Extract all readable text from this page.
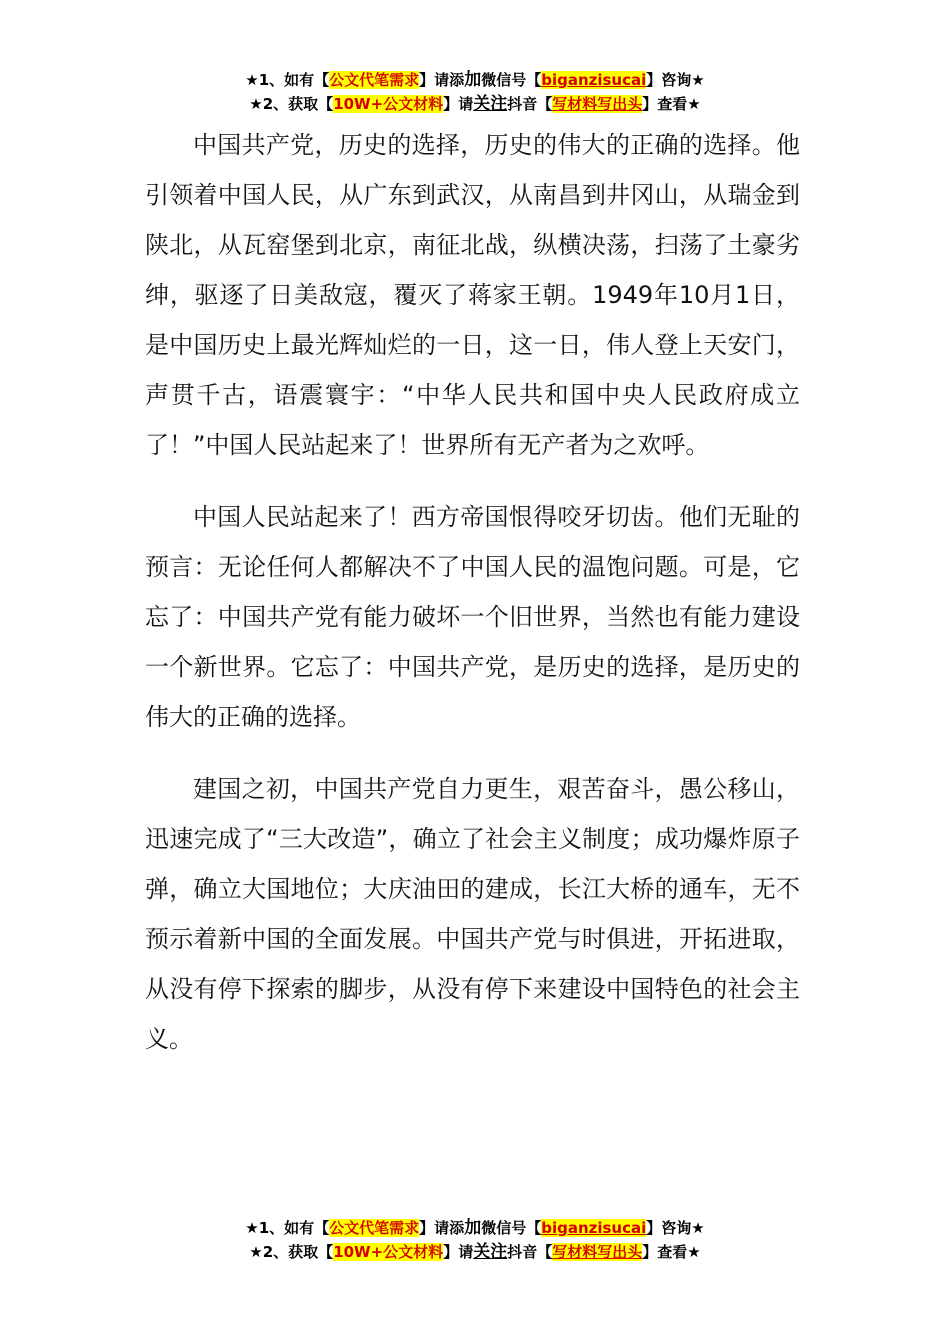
★1、如有【公文代笔需求】请添加微信号【biganzisucai】咨询★
★2、获取【10W+公文材料】请关注抖音【写材料写出头】查看★

中国共产党，历史的选择，历史的伟大的正确的选择。他引领着中国人民，从广东到武汉，从南昌到井冈山，从瑞金到陕北，从瓦窑堡到北京，南征北战，纵横决荡，扫荡了土豪劣绅，驱逐了日美敌寇，覆灭了蒋家王朝。1949年10月1日，是中国历史上最光辉灿烂的一日，这一日，伟人登上天安门，声贯千古，语震寰宇：“中华人民共和国中央人民政府成立了！”中国人民站起来了！世界所有无产者为之欢呼。

中国人民站起来了！西方帝国恨得咬牙切齿。他们无耻的预言：无论任何人都解决不了中国人民的温饱问题。可是，它忘了：中国共产党有能力破坏一个旧世界，当然也有能力建设一个新世界。它忘了：中国共产党，是历史的选择，是历史的伟大的正确的选择。

建国之初，中国共产党自力更生，艰苦奋斗，愚公移山，迅速完成了“三大改造”，确立了社会主义制度；成功爆炸原子弹，确立大国地位；大庆油田的建成，长江大桥的通车，无不预示着新中国的全面发展。中国共产党与时俱进，开拓进取，从没有停下探索的脚步，从没有停下来建设中国特色的社会主义。

★1、如有【公文代笔需求】请添加微信号【biganzisucai】咨询★
★2、获取【10W+公文材料】请关注抖音【写材料写出头】查看★
